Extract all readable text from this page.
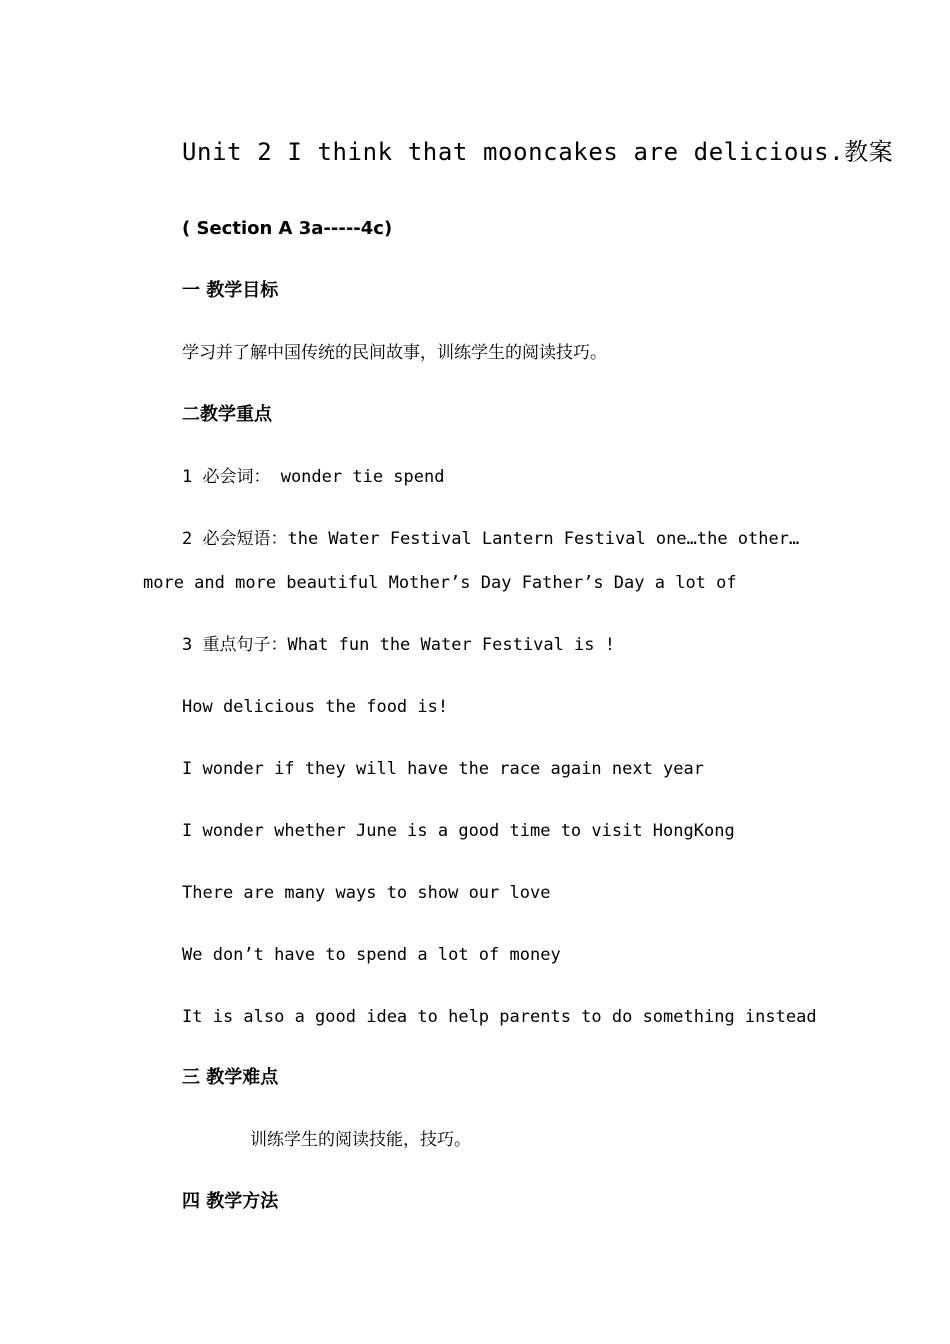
Unit 2 I think that mooncakes are delicious.教案
( Section A 3a-----4c)
一 教学目标
学习并了解中国传统的民间故事，训练学生的阅读技巧。
二教学重点
1 必会词： wonder tie spend
2 必会短语：the Water Festival Lantern Festival one…the other…
more and more beautiful Mother’s Day Father’s Day a lot of
3 重点句子：What fun the Water Festival is !
How delicious the food is!
I wonder if they will have the race again next year
I wonder whether June is a good time to visit HongKong
There are many ways to show our love
We don’t have to spend a lot of money
It is also a good idea to help parents to do something instead
三 教学难点
训练学生的阅读技能，技巧。
四 教学方法
